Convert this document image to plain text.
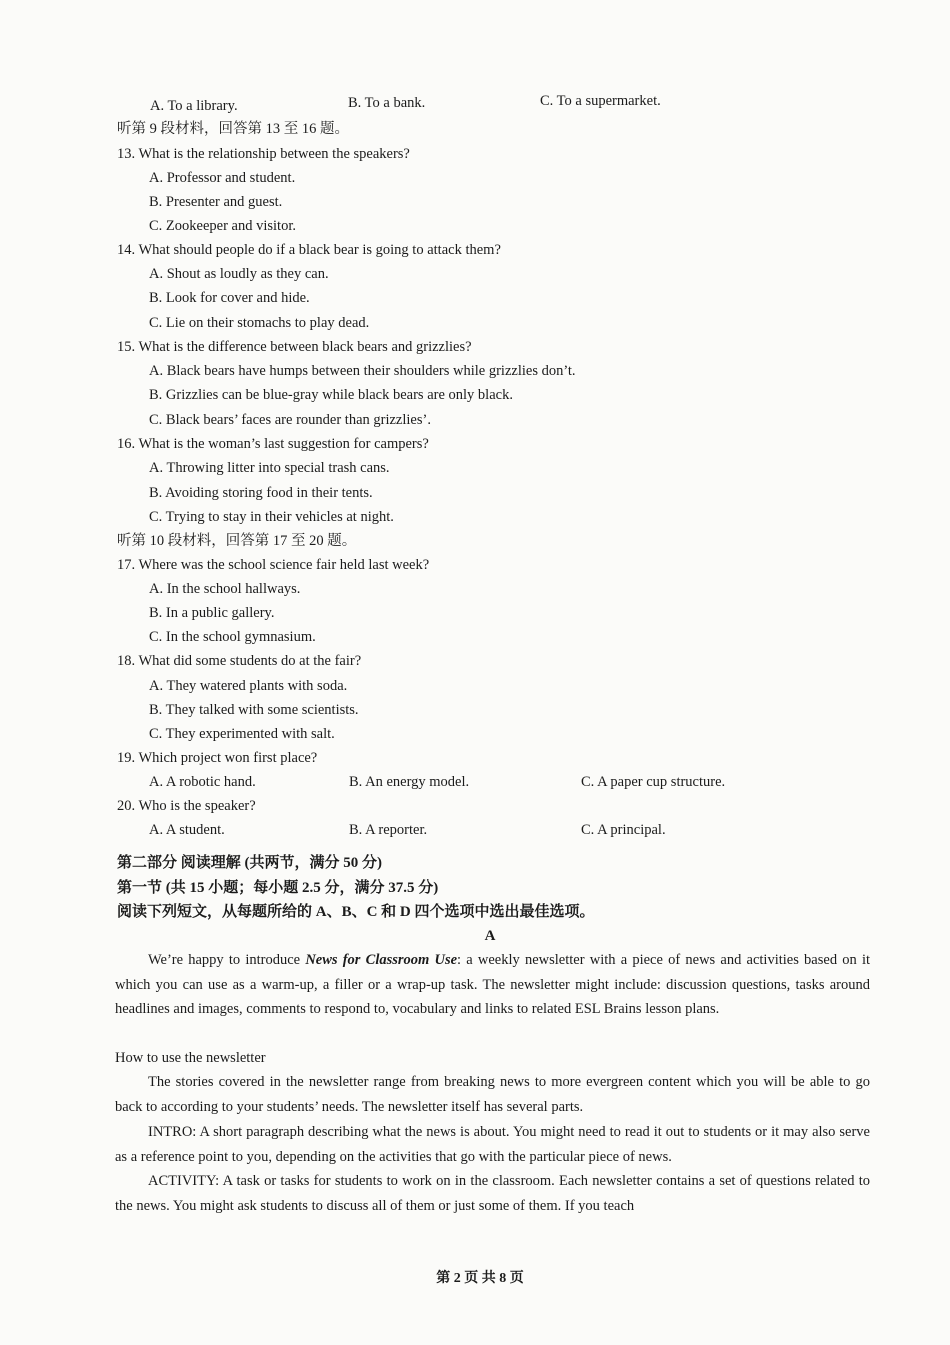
A. To a library.	B. To a bank.	C. To a supermarket.
听第 9 段材料，回答第 13 至 16 题。
13. What is the relationship between the speakers?
A. Professor and student.
B. Presenter and guest.
C. Zookeeper and visitor.
14. What should people do if a black bear is going to attack them?
A. Shout as loudly as they can.
B. Look for cover and hide.
C. Lie on their stomachs to play dead.
15. What is the difference between black bears and grizzlies?
A. Black bears have humps between their shoulders while grizzlies don’t.
B. Grizzlies can be blue-gray while black bears are only black.
C. Black bears’ faces are rounder than grizzlies’.
16. What is the woman’s last suggestion for campers?
A. Throwing litter into special trash cans.
B. Avoiding storing food in their tents.
C. Trying to stay in their vehicles at night.
听第 10 段材料，回答第 17 至 20 题。
17. Where was the school science fair held last week?
A. In the school hallways.
B. In a public gallery.
C. In the school gymnasium.
18. What did some students do at the fair?
A. They watered plants with soda.
B. They talked with some scientists.
C. They experimented with salt.
19. Which project won first place?
A. A robotic hand.	B. An energy model.	C. A paper cup structure.
20. Who is the speaker?
A. A student.	B. A reporter.	C. A principal.
第二部分 阅读理解 (共两节，满分 50 分)
第一节 (共 15 小题；每小题 2.5 分，满分 37.5 分)
阅读下列短文，从每题所给的 A、B、C 和 D 四个选项中选出最佳选项。
A
We’re happy to introduce News for Classroom Use: a weekly newsletter with a piece of news and activities based on it which you can use as a warm-up, a filler or a wrap-up task. The newsletter might include: discussion questions, tasks around headlines and images, comments to respond to, vocabulary and links to related ESL Brains lesson plans.
How to use the newsletter
The stories covered in the newsletter range from breaking news to more evergreen content which you will be able to go back to according to your students’ needs. The newsletter itself has several parts.
INTRO: A short paragraph describing what the news is about. You might need to read it out to students or it may also serve as a reference point to you, depending on the activities that go with the particular piece of news.
ACTIVITY: A task or tasks for students to work on in the classroom. Each newsletter contains a set of questions related to the news. You might ask students to discuss all of them or just some of them. If you teach
第 2 页 共 8 页
